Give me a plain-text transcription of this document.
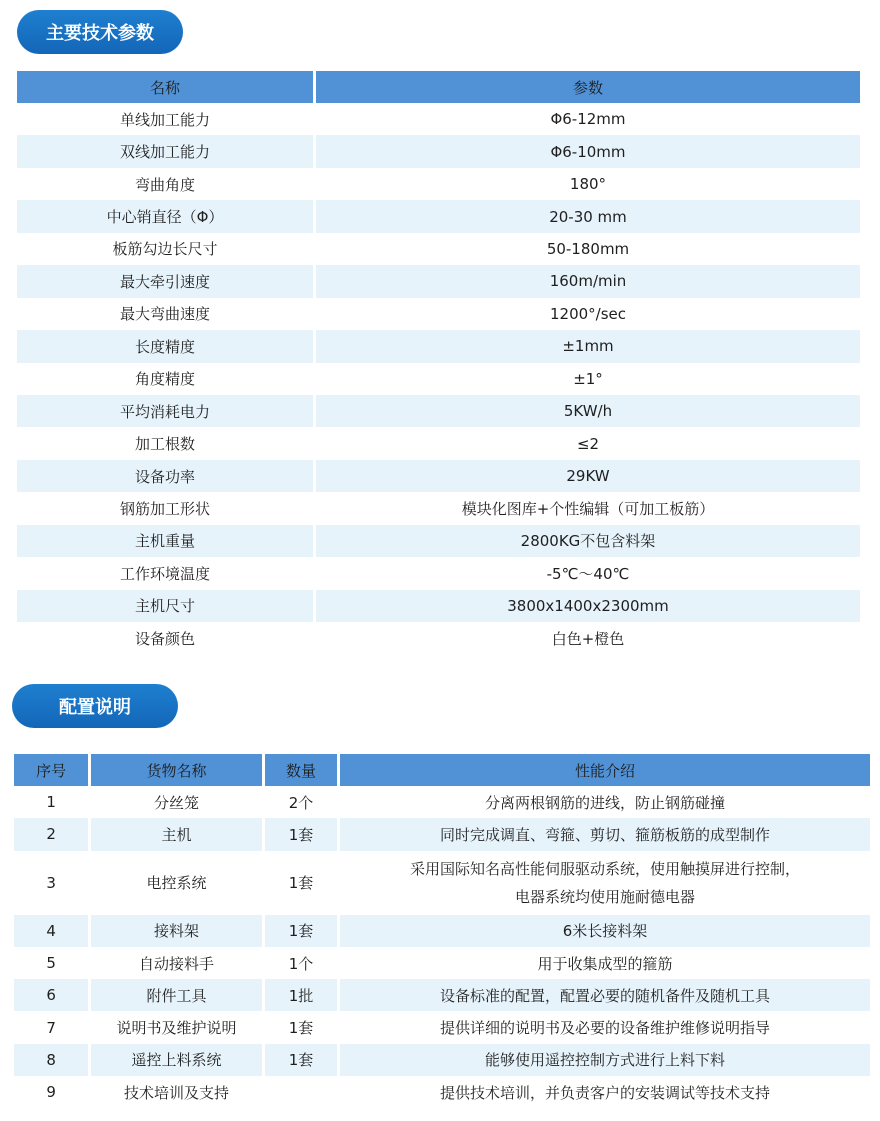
主要技术参数
名称	参数
单线加工能力	Φ6-12mm
双线加工能力	Φ6-10mm
弯曲角度	180°
中心销直径（Φ）	20-30 mm
板筋勾边长尺寸	50-180mm
最大牵引速度	160m/min
最大弯曲速度	1200°/sec
长度精度	±1mm
角度精度	±1°
平均消耗电力	5KW/h
加工根数	≤2
设备功率	29KW
钢筋加工形状	模块化图库+个性编辑（可加工板筋）
主机重量	2800KG不包含料架
工作环境温度	-5℃～40℃
主机尺寸	3800x1400x2300mm
设备颜色	白色+橙色
配置说明
序号	货物名称	数量	性能介绍
1	分丝笼	2个	分离两根钢筋的进线，防止钢筋碰撞
2	主机	1套	同时完成调直、弯箍、剪切、箍筋板筋的成型制作
3	电控系统	1套	采用国际知名高性能伺服驱动系统，使用触摸屏进行控制，
电器系统均使用施耐德电器

4	接料架	1套	6米长接料架
5	自动接料手	1个	用于收集成型的箍筋
6	附件工具	1批	设备标准的配置，配置必要的随机备件及随机工具
7	说明书及维护说明	1套	提供详细的说明书及必要的设备维护维修说明指导
8	遥控上料系统	1套	能够使用遥控控制方式进行上料下料
9	技术培训及支持		提供技术培训，并负责客户的安装调试等技术支持
